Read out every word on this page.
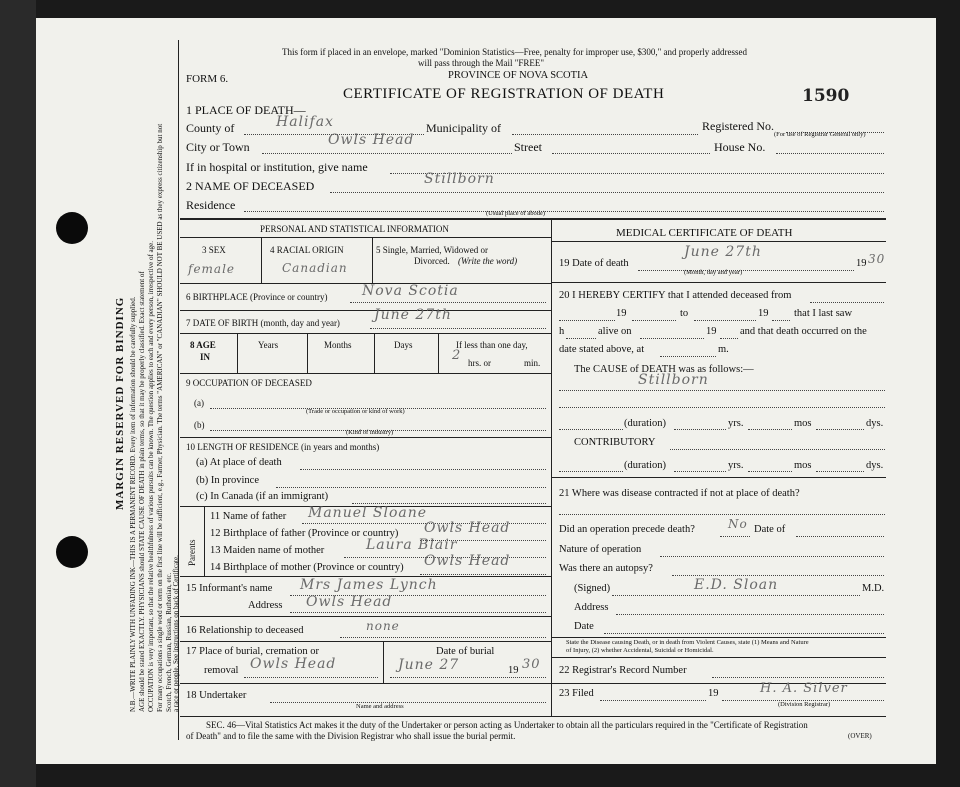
MARGIN RESERVED FOR BINDING N.B.—WRITE PLAINLY WITH UNFADING INK—THIS IS A PERMANENT RECORD. Every item of information should be carefully supplied. AGE should be stated EXACTLY. PHYSICIANS should STATE CAUSE OF DEATH in plain terms, so that it may be properly classified. Exact statement of OCCUPATION is very important, so that the relative healthfulness of various pursuits can be known. The question applies to each and every person, irrespective of age. For many occupations a single word or term on the first line will be sufficient, e.g., Farmer, Physician. The terms "AMERICAN" or "CANADIAN" SHOULD NOT BE USED as they express citizenship but not Scotch, French, German, Russian, Ruthenian, etc. a race or people. See instructions on back of Certificate.
This form if placed in an envelope, marked "Dominion Statistics—Free, penalty for improper use, $300," and properly addressed
will pass through the Mail "FREE"
PROVINCE OF NOVA SCOTIA
FORM 6.
CERTIFICATE OF REGISTRATION OF DEATH	1590
1 PLACE OF DEATH—
County of	Halifax	Municipality of	Registered No.
(For use of Registrar General only)
City or Town	Owls Head	Street	House No.
If in hospital or institution, give name
2 NAME OF DECEASED	Stillborn
Residence
(Usual place of abode)
PERSONAL AND STATISTICAL INFORMATION
3 SEX
female
4 RACIAL ORIGIN
Canadian
5 Single, Married, Widowed or
Divorced. (Write the word)
6 BIRTHPLACE (Province or country) Nova Scotia
7 DATE OF BIRTH (month, day and year) June 27th
8 AGE
IN
Years	Months	Days	If less than one day,
2 hrs. or	min.
9 OCCUPATION OF DECEASED
(a)
(Trade or occupation or kind of work)
(b)
(Kind of industry)
10 LENGTH OF RESIDENCE (in years and months)
(a) At place of death
(b) In province
(c) In Canada (if an immigrant)
Parents
11 Name of father Manuel Sloane
12 Birthplace of father (Province or country) Owls Head
13 Maiden name of mother	Laura Blair
14 Birthplace of mother (Province or country) Owls Head
15 Informant's name Mrs James Lynch
Address Owls Head
16 Relationship to deceased	none
17 Place of burial, cremation or
removal Owls Head
Date of burial
June 27	19 30
18 Undertaker
Name and address
MEDICAL CERTIFICATE OF DEATH
19 Date of death
June 27th
(Month, day and year)
19 30
20 I HEREBY CERTIFY that I attended deceased from
19	to	19 that I last saw
h	alive on	19 and that death occurred on the
date stated above, at	m.
The CAUSE of DEATH was as follows:—
Stillborn
(duration)	yrs.	mos	dys.
CONTRIBUTORY
(duration)	yrs.	mos	dys.
21 Where was disease contracted if not at place of death?
Did an operation precede death?	No Date of
Nature of operation
Was there an autopsy?
(Signed)	E.D. Sloan	M.D.
Address
Date
State the Disease causing Death, or in death from Violent Causes, state (1) Means and Nature
of Injury, (2) whether Accidental, Suicidal or Homicidal.
22 Registrar's Record Number
23 Filed	19	H. A. Silver
(Division Registrar)
SEC. 46—Vital Statistics Act makes it the duty of the Undertaker or person acting as Undertaker to obtain all the particulars required in the "Certificate of Registration
of Death" and to file the same with the Division Registrar who shall issue the burial permit.	(OVER)
